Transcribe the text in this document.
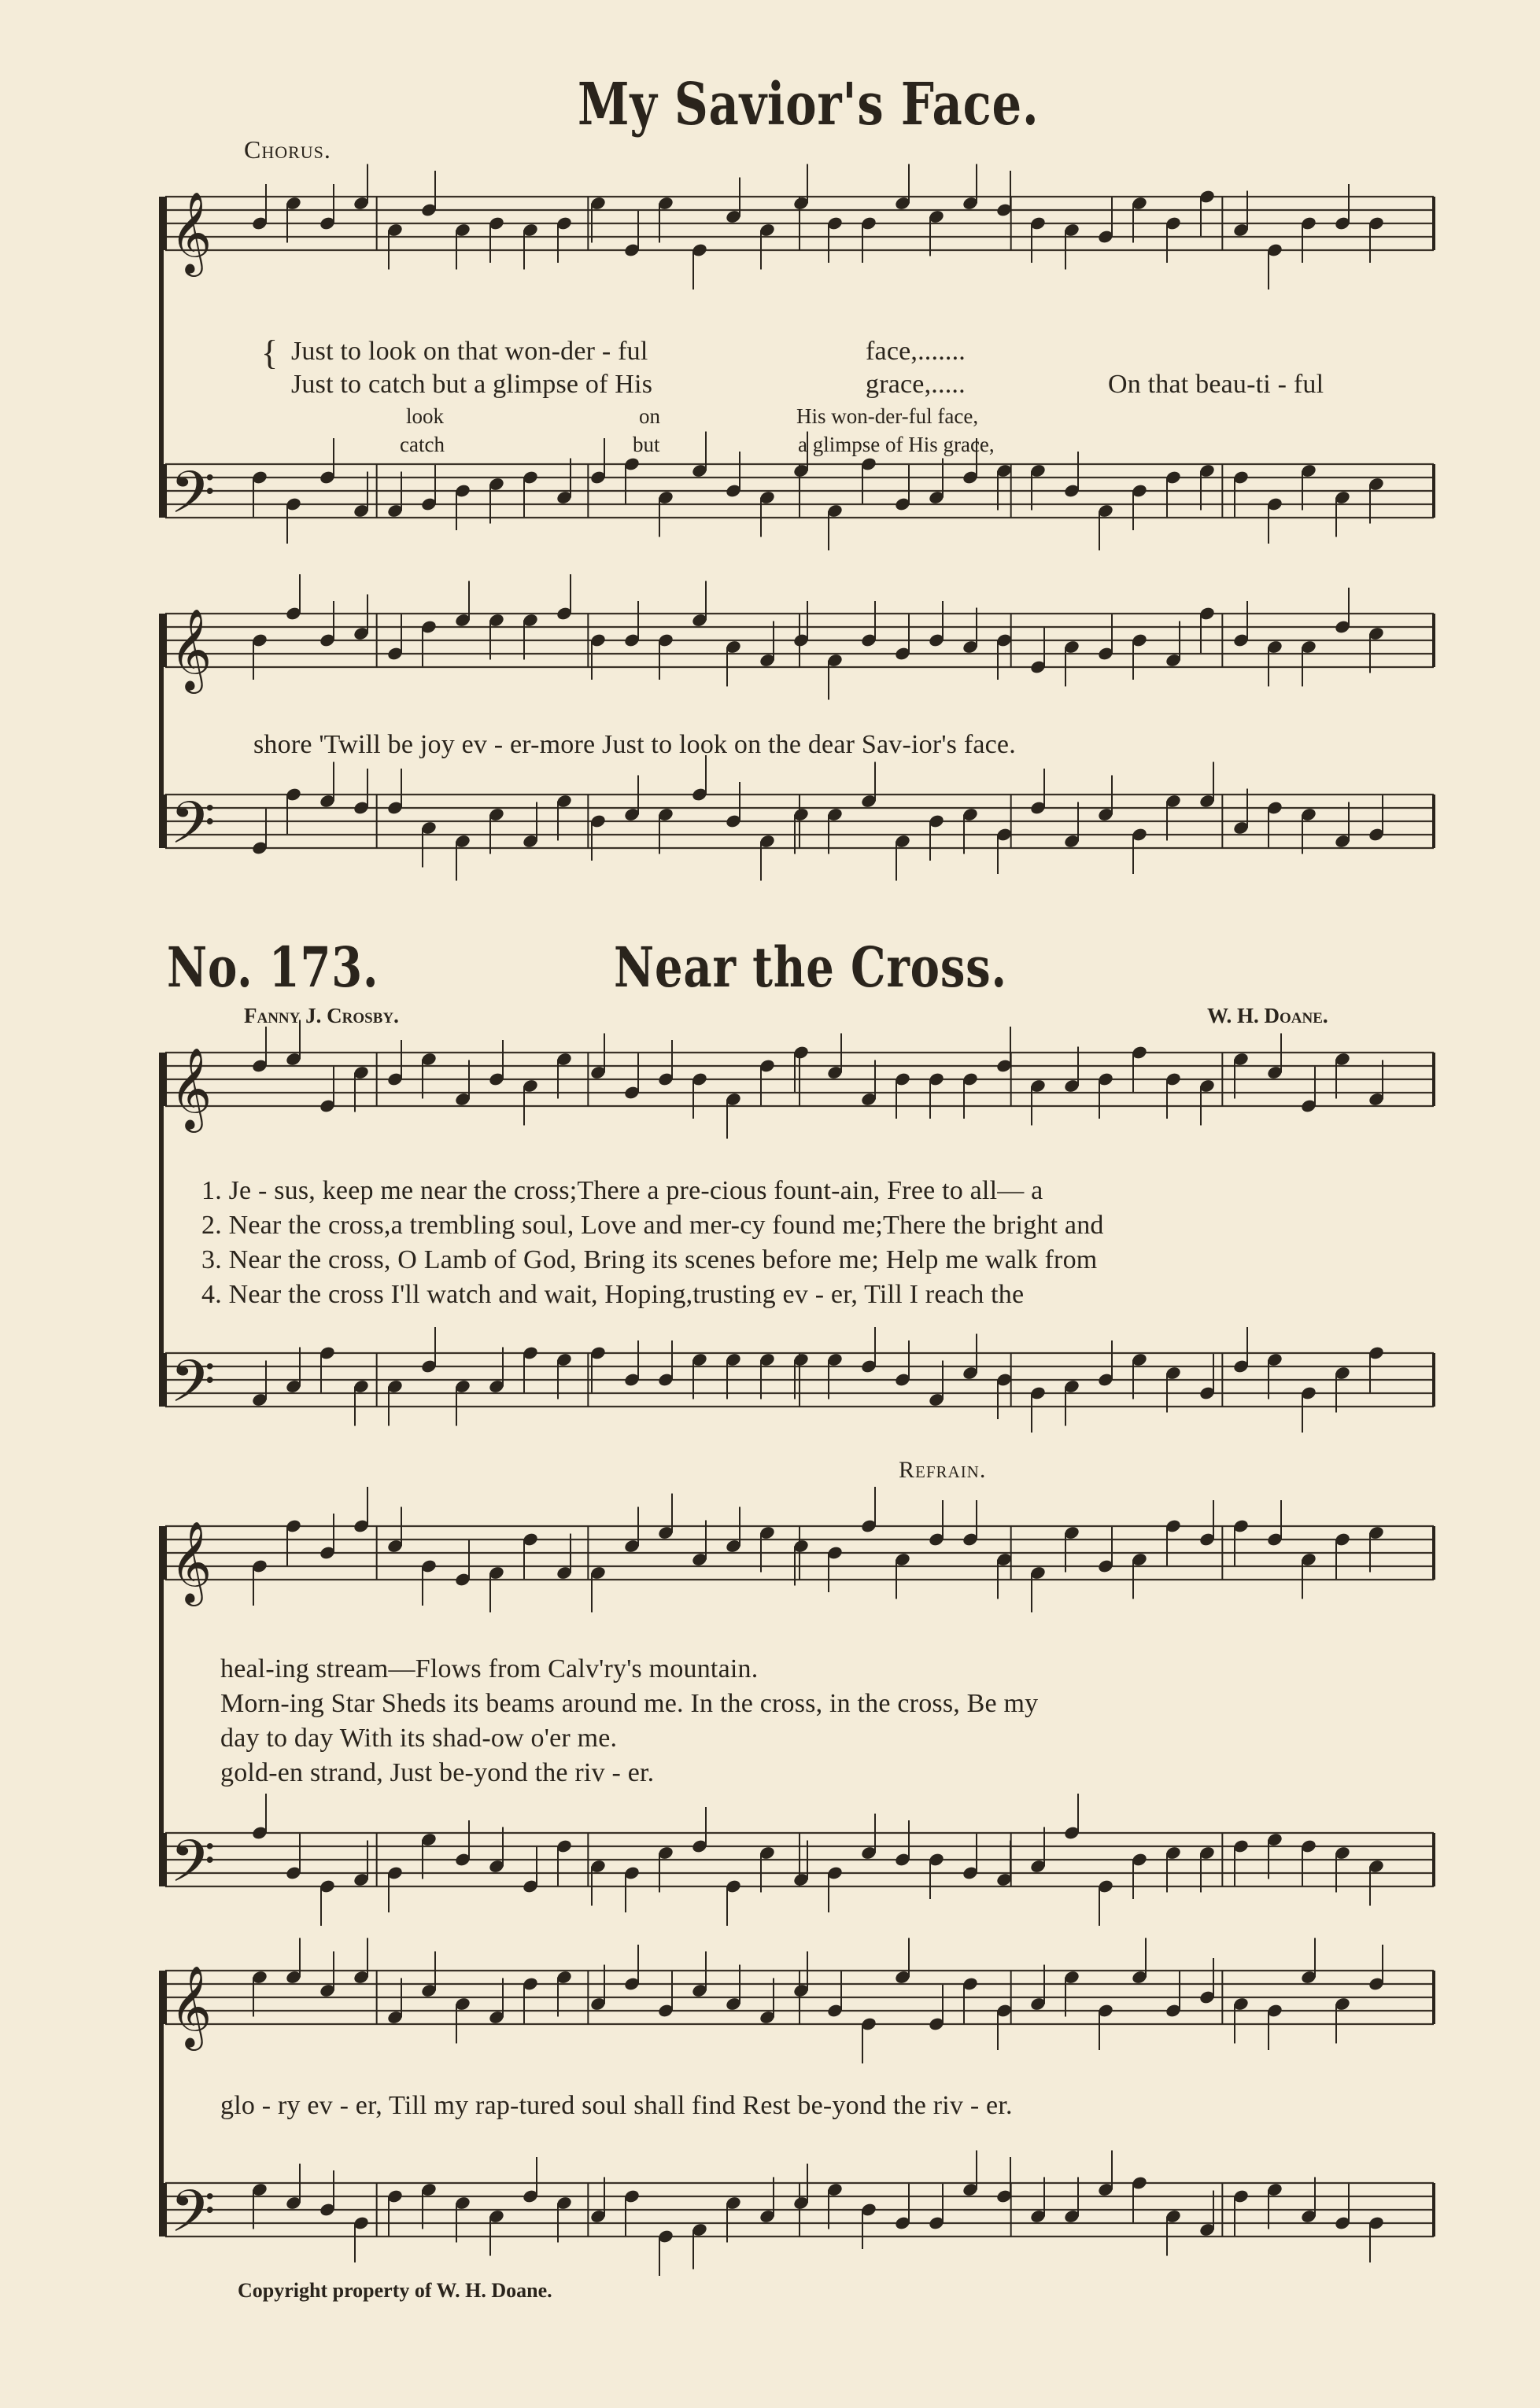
𝄞
𝄢
𝄞
𝄢
𝄞
𝄢
𝄞
𝄢
𝄞
𝄢
My Savior's Face.
Chorus.
{ Just to look on that won-der - ful	face,.......
Just to catch but a glimpse of His	grace,.....	On that beau-ti - ful
look	on	His won-der-ful face,
catch	but	a glimpse of His grace,
shore 'Twill be joy ev - er-more Just to look on the dear Sav-ior's face.
No. 173.	Near the Cross.
Fanny J. Crosby.	W. H. Doane.
1. Je - sus, keep me near the cross;There a pre-cious fount-ain, Free to all— a
2. Near the cross,a trembling soul, Love and mer-cy found me;There the bright and
3. Near the cross, O Lamb of God, Bring its scenes before me; Help me walk from
4. Near the cross I'll watch and wait, Hoping,trusting ev - er, Till I reach the
Refrain.
heal-ing stream—Flows from Calv'ry's mountain.
Morn-ing Star Sheds its beams around me. In the cross, in the cross, Be my
day to day With its shad-ow o'er me.
gold-en strand, Just be-yond the riv - er.
glo - ry ev - er, Till my rap-tured soul shall find Rest be-yond the riv - er.
Copyright property of W. H. Doane.
